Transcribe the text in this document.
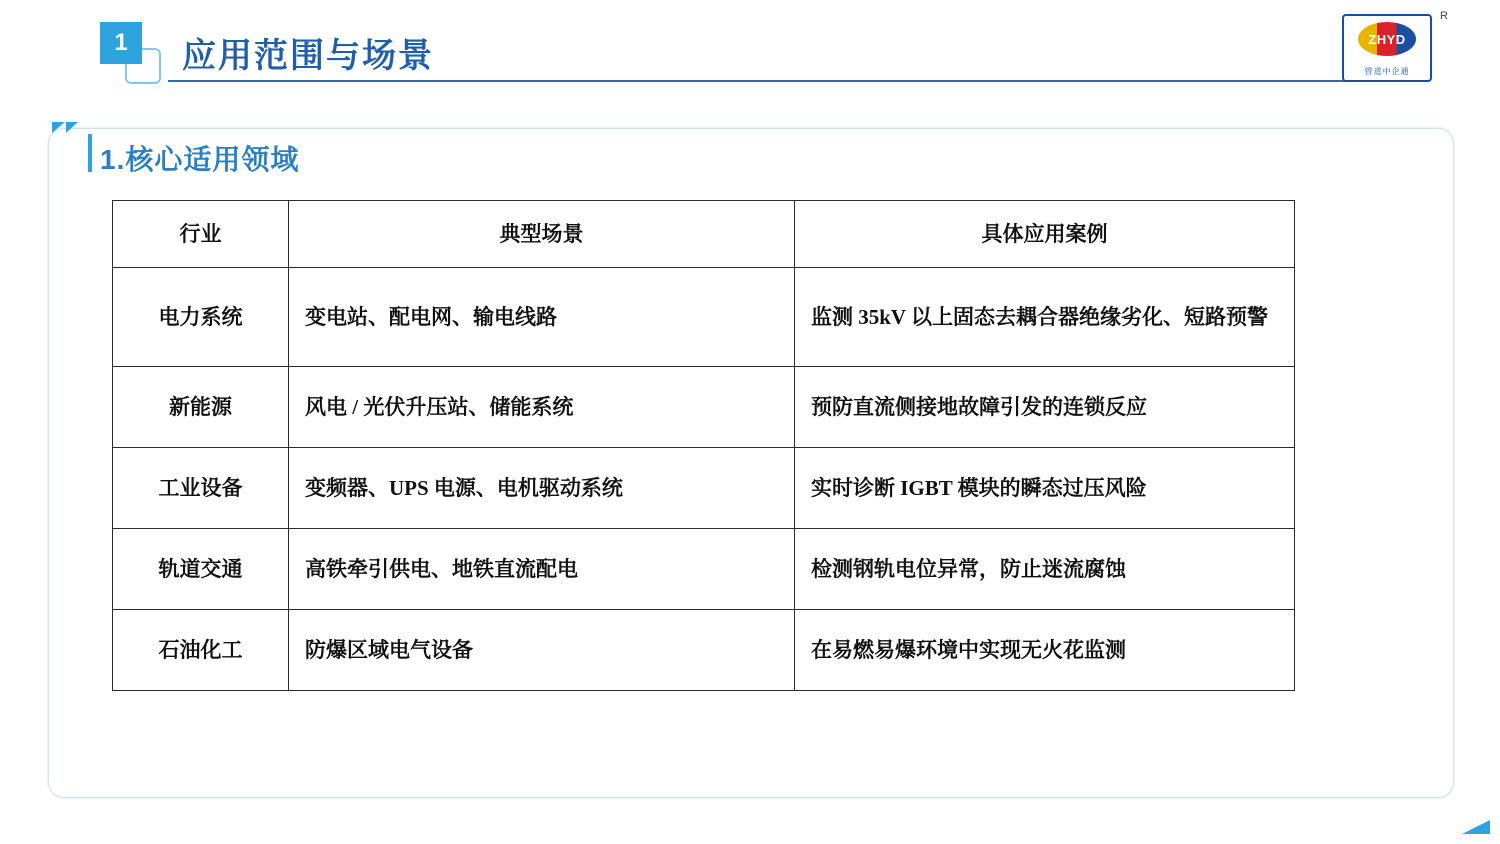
1	应用范围与场景
R
ZHYD
管道中企通
1.核心适用领域
行业	典型场景	具体应用案例
电力系统	变电站、配电网、输电线路	监测 35kV 以上固态去耦合器绝缘劣化、短路预警
新能源	风电 / 光伏升压站、储能系统	预防直流侧接地故障引发的连锁反应
工业设备	变频器、UPS 电源、电机驱动系统	实时诊断 IGBT 模块的瞬态过压风险
轨道交通	高铁牵引供电、地铁直流配电	检测钢轨电位异常，防止迷流腐蚀
石油化工	防爆区域电气设备	在易燃易爆环境中实现无火花监测
